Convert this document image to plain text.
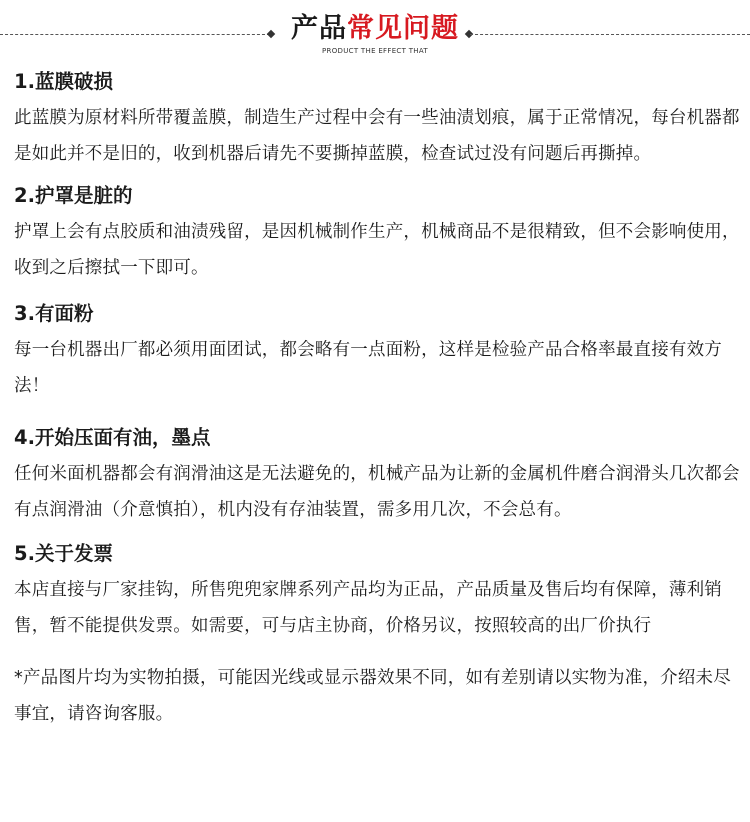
产品常见问题
PRODUCT THE EFFECT THAT
1.蓝膜破损
此蓝膜为原材料所带覆盖膜，制造生产过程中会有一些油渍划痕，属于正常情况，每台机器都是如此并不是旧的，收到机器后请先不要撕掉蓝膜，检查试过没有问题后再撕掉。
2.护罩是脏的
护罩上会有点胶质和油渍残留，是因机械制作生产，机械商品不是很精致，但不会影响使用，收到之后擦拭一下即可。
3.有面粉
每一台机器出厂都必须用面团试，都会略有一点面粉，这样是检验产品合格率最直接有效方法！
4.开始压面有油，墨点
任何米面机器都会有润滑油这是无法避免的，机械产品为让新的金属机件磨合润滑头几次都会有点润滑油（介意慎拍），机内没有存油装置，需多用几次，不会总有。
5.关于发票
本店直接与厂家挂钩，所售兜兜家牌系列产品均为正品，产品质量及售后均有保障，薄利销售，暂不能提供发票。如需要，可与店主协商，价格另议，按照较高的出厂价执行
*产品图片均为实物拍摄，可能因光线或显示器效果不同，如有差别请以实物为准，介绍未尽事宜，请咨询客服。
